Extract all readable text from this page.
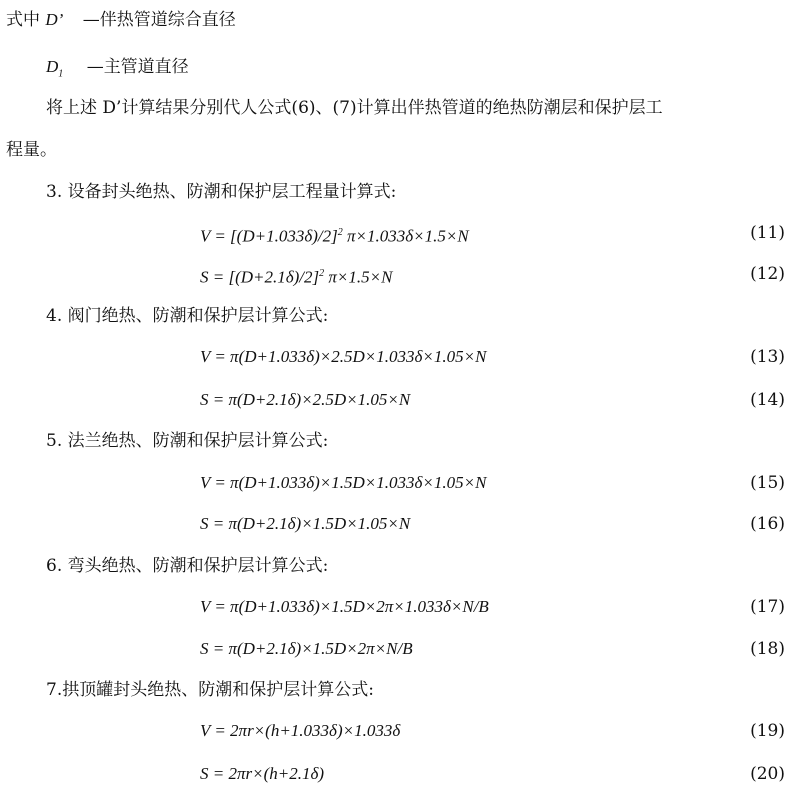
式中 D’ —伴热管道综合直径
$D_1$ —主管道直径
将上述 D’计算结果分别代人公式(6)、(7)计算出伴热管道的绝热防潮层和保护层工
程量。
3. 设备封头绝热、防潮和保护层工程量计算式:
$V = [(D+1.033\delta)/2]^2$ π×1.033δ×1.5×N	(11)
$S = [(D+2.1\delta)/2]^2$ π×1.5×N	(12)
4. 阀门绝热、防潮和保护层计算公式:
V = π(D+1.033δ)×2.5D×1.033δ×1.05×N	(13)
S = π(D+2.1δ)×2.5D×1.05×N	(14)
5. 法兰绝热、防潮和保护层计算公式:
V = π(D+1.033δ)×1.5D×1.033δ×1.05×N	(15)
S = π(D+2.1δ)×1.5D×1.05×N	(16)
6. 弯头绝热、防潮和保护层计算公式:
V = π(D+1.033δ)×1.5D×2π×1.033δ×N/B	(17)
S = π(D+2.1δ)×1.5D×2π×N/B	(18)
7.拱顶罐封头绝热、防潮和保护层计算公式:
V = 2πr×(h+1.033δ)×1.033δ	(19)
S = 2πr×(h+2.1δ)	(20)
